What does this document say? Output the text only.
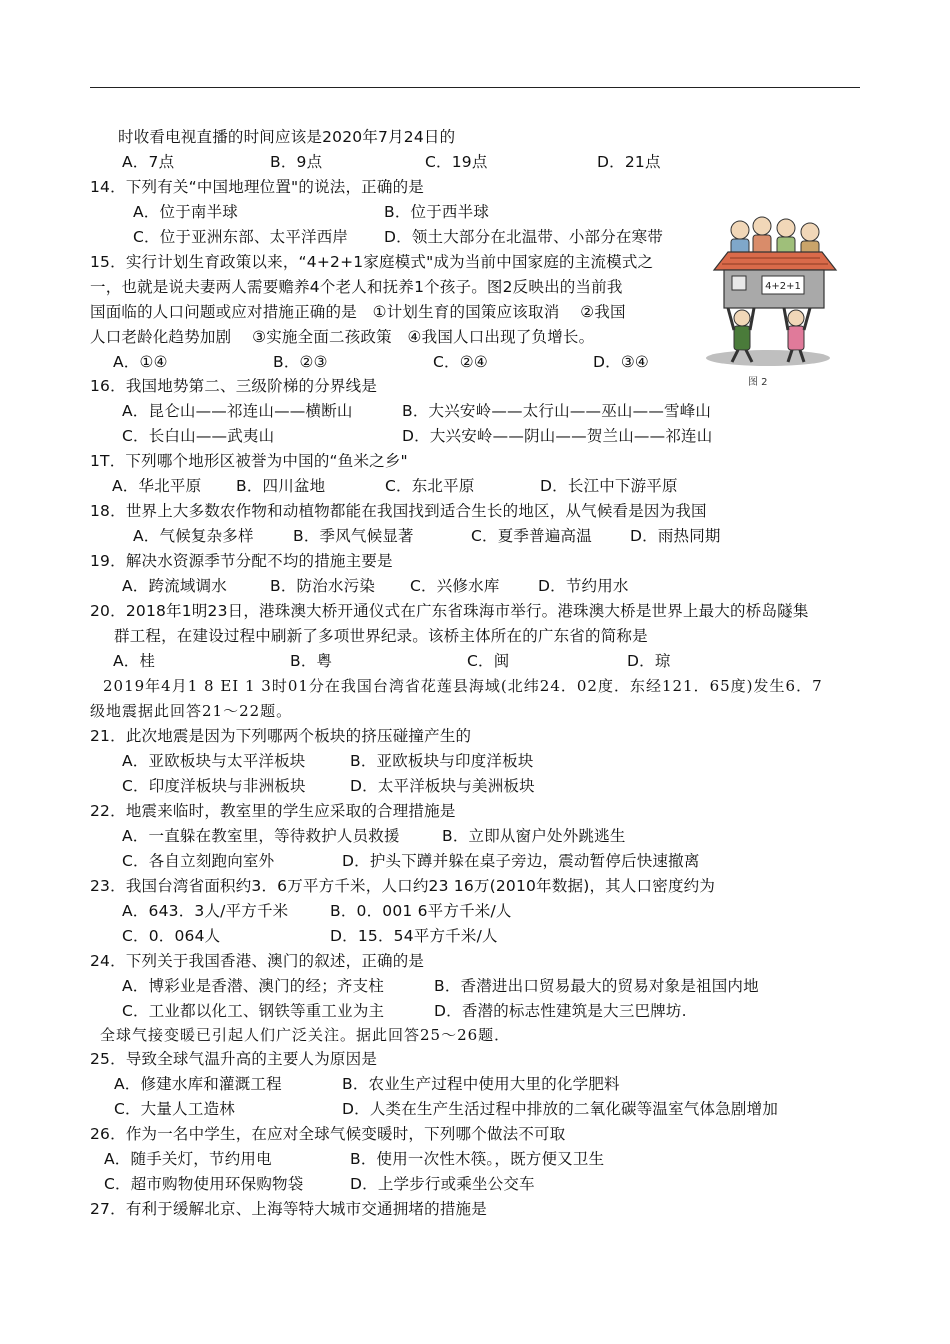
时收看电视直播的时间应该是2020年7月24日的
A．7点	B．9点	C．19点	D．21点
14．下列有关“中国地理位置"的说法，正确的是
A．位于南半球	B．位于西半球
C．位于亚洲东部、太平洋西岸 D．领土大部分在北温带、小部分在寒带
15．实行计划生育政策以来，“4+2+1家庭模式"成为当前中国家庭的主流模式之
一，也就是说夫妻两人需要赡养4个老人和抚养1个孩子。图2反映出的当前我
国面临的人口问题或应对措施正确的是　①计划生育的国策应该取消　 ②我国
人口老龄化趋势加剧　 ③实施全面二孩政策　④我国人口出现了负增长。
A．①④	B．②③	C．②④	D．③④
4+2+1
图 2
16．我国地势第二、三级阶梯的分界线是
A．昆仑山——祁连山——横断山	B．大兴安岭——太行山——巫山——雪峰山
C．长白山——武夷山	D．大兴安岭——阴山——贺兰山——祁连山
1T．下列哪个地形区被誉为中国的“鱼米之乡"
A．华北平原 B．四川盆地	C．东北平原	D．长江中下游平原
18．世界上大多数农作物和动植物都能在我国找到适合生长的地区，从气候看是因为我国
A．气候复杂多样	B．季风气候显著	C．夏季普遍高温 D．雨热同期
19．解决水资源季节分配不均的措施主要是
A．跨流域调水	B．防治水污染 C．兴修水库 D．节约用水
20．2018年1明23日，港珠澳大桥开通仪式在广东省珠海市举行。港珠澳大桥是世界上最大的桥岛隧集
群工程，在建设过程中刷新了多项世界纪录。该桥主体所在的广东省的简称是
A．桂	B．粤	C．闽	D．琼
2019年4月1 8 EI 1 3时01分在我国台湾省花莲县海域(北纬24．02度．东经121．65度)发生6．7
级地震据此回答21～22题。
21．此次地震是因为下列哪两个板块的挤压碰撞产生的
A．亚欧板块与太平洋板块	B．亚欧板块与印度洋板块
C．印度洋板块与非洲板块	D．太平洋板块与美洲板块
22．地震来临时，教室里的学生应采取的合理措施是
A．一直躲在教室里，等待救护人员救援	B．立即从窗户处外跳逃生
C．各自立刻跑向室外	D．护头下蹲并躲在桌子旁边，震动暂停后快速撤离
23．我国台湾省面积约3．6万平方千米，人口约23 16万(2010年数据)，其人口密度约为
A．643．3人/平方千米	B．0．001 6平方千米/人
C．0．064人	D．15．54平方千米/人
24．下列关于我国香港、澳门的叙述，正确的是
A．博彩业是香潜、澳门的经；齐支柱	B．香潜进出口贸易最大的贸易对象是祖国内地
C．工业都以化工、钢铁等重工业为主	D．香潜的标志性建筑是大三巴牌坊.
全球气接变暖已引起人们广泛关注。据此回答25～26题．
25．导致全球气温升高的主要人为原因是
A．修建水库和灌溉工程	B．农业生产过程中使用大里的化学肥料
C．大量人工造林	D．人类在生产生活过程中排放的二氧化碳等温室气体急剧增加
26．作为一名中学生，在应对全球气候变暖时，下列哪个做法不可取
A．随手关灯，节约用电	B．使用一次性木筷。，既方便又卫生
C．超市购物使用环保购物袋	D．上学步行或乘坐公交车
27．有利于缓解北京、上海等特大城市交通拥堵的措施是
